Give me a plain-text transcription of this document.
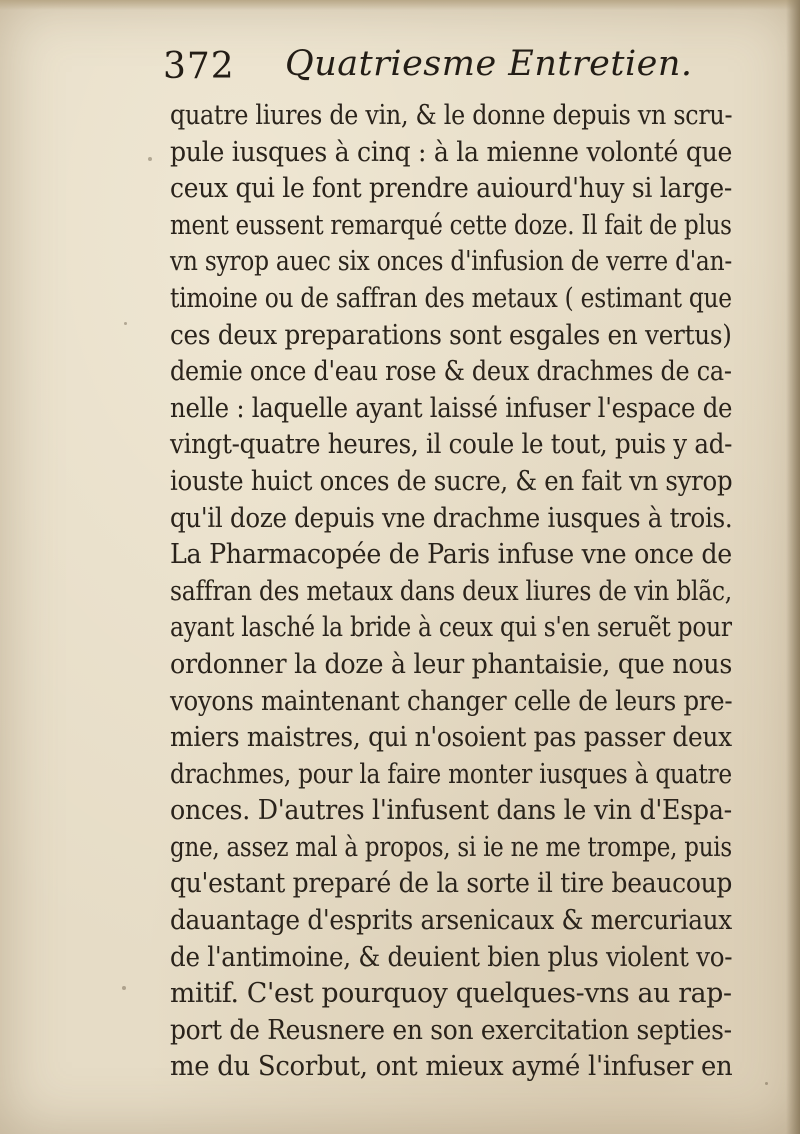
372 Quatriesme Entretien.
quatre liures de vin, & le donne depuis vn scru-
pule iusques à cinq : à la mienne volonté que
ceux qui le font prendre auiourd'huy si large-
ment eussent remarqué cette doze. Il fait de plus
vn syrop auec six onces d'infusion de verre d'an-
timoine ou de saffran des metaux ( estimant que
ces deux preparations sont esgales en vertus)
demie once d'eau rose & deux drachmes de ca-
nelle : laquelle ayant laissé infuser l'espace de
vingt-quatre heures, il coule le tout, puis y ad-
iouste huict onces de sucre, & en fait vn syrop
qu'il doze depuis vne drachme iusques à trois.
La Pharmacopée de Paris infuse vne once de
saffran des metaux dans deux liures de vin blãc,
ayant lasché la bride à ceux qui s'en seruẽt pour
ordonner la doze à leur phantaisie, que nous
voyons maintenant changer celle de leurs pre-
miers maistres, qui n'osoient pas passer deux
drachmes, pour la faire monter iusques à quatre
onces. D'autres l'infusent dans le vin d'Espa-
gne, assez mal à propos, si ie ne me trompe, puis
qu'estant preparé de la sorte il tire beaucoup
dauantage d'esprits arsenicaux & mercuriaux
de l'antimoine, & deuient bien plus violent vo-
mitif. C'est pourquoy quelques-vns au rap-
port de Reusnere en son exercitation septies-
me du Scorbut, ont mieux aymé l'infuser en
